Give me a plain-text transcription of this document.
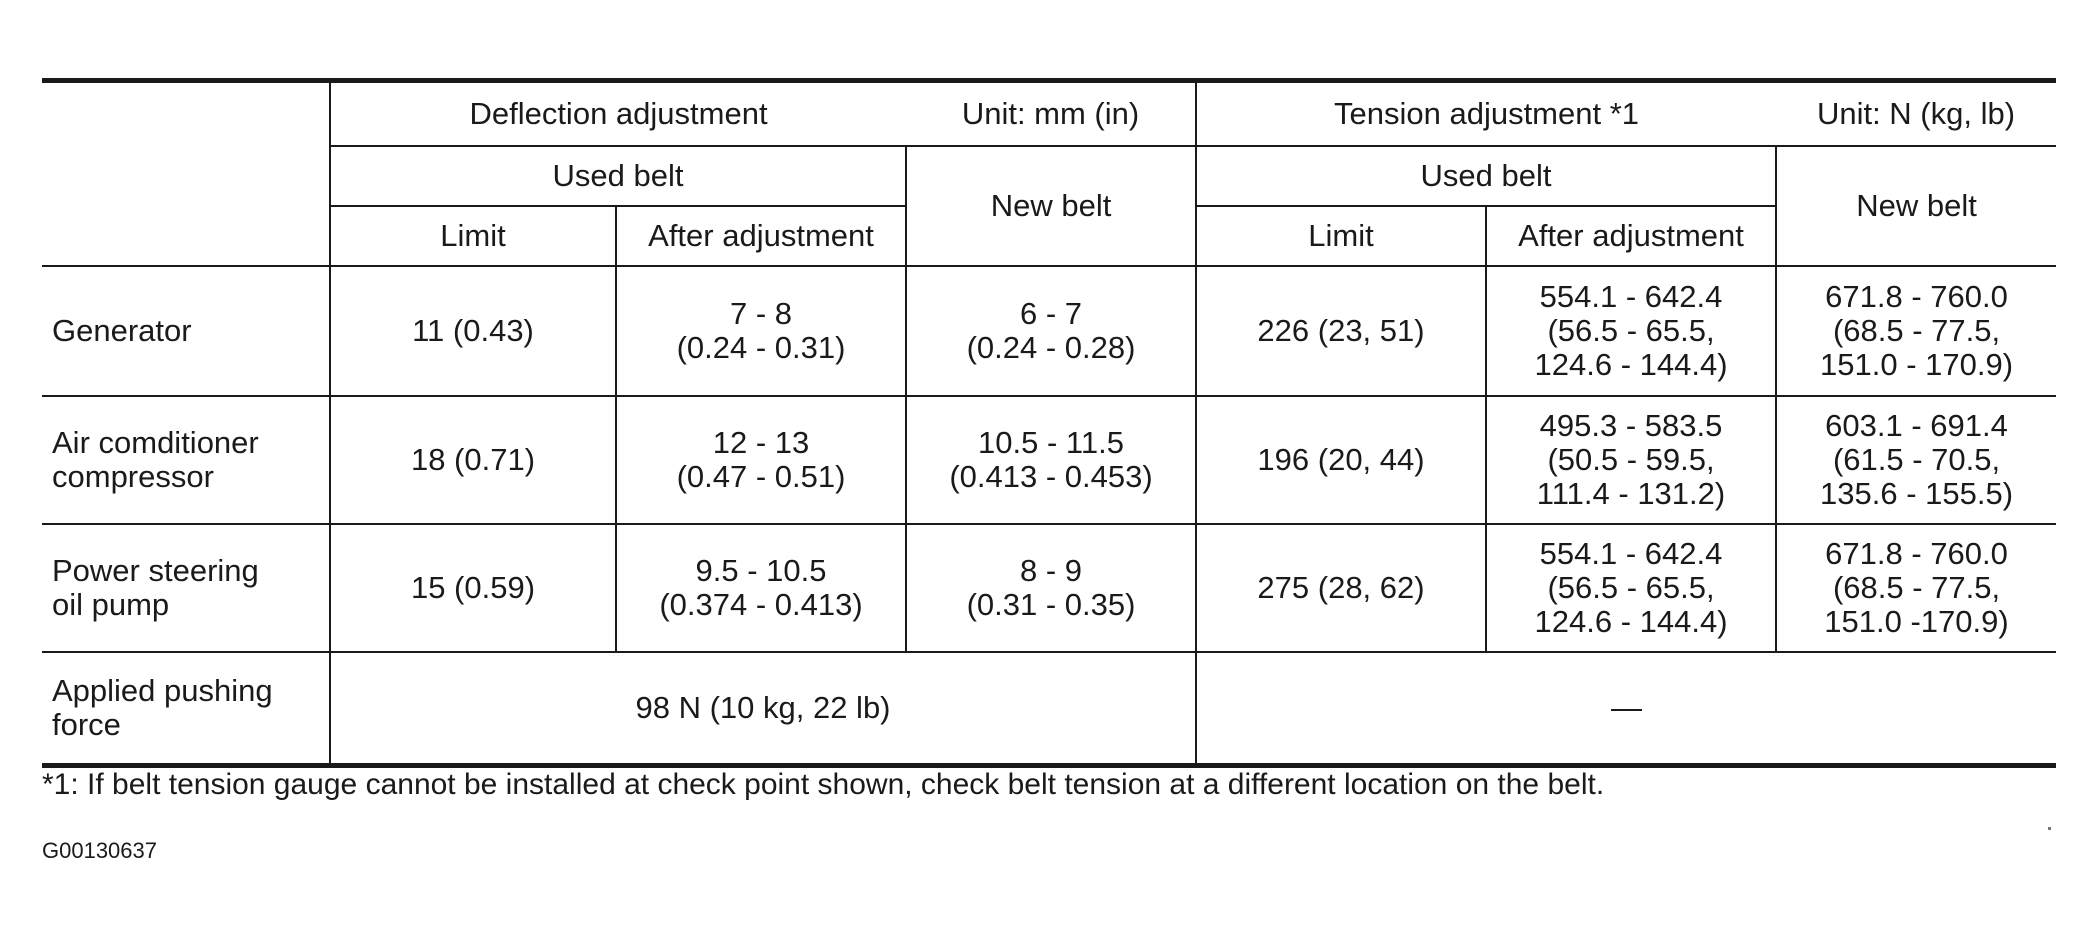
	Deflection adjustment		Unit: mm (in)	Tension adjustment *1		Unit: N (kg, lb)
	Used belt		New belt	Used belt		New belt
	Limit	After adjustment		Limit	After adjustment	

Generator	11 (0.43)	7 - 8
(0.24 - 0.31)	6 - 7
(0.24 - 0.28)	226 (23, 51)	554.1 - 642.4
(56.5 - 65.5,
124.6 - 144.4)	671.8 - 760.0
(68.5 - 77.5,
151.0 - 170.9)

Air comditioner
compressor	18 (0.71)	12 - 13
(0.47 - 0.51)	10.5 - 11.5
(0.413 - 0.453)	196 (20, 44)	495.3 - 583.5
(50.5 - 59.5,
111.4 - 131.2)	603.1 - 691.4
(61.5 - 70.5,
135.6 - 155.5)

Power steering
oil pump	15 (0.59)	9.5 - 10.5
(0.374 - 0.413)	8 - 9
(0.31 - 0.35)	275 (28, 62)	554.1 - 642.4
(56.5 - 65.5,
124.6 - 144.4)	671.8 - 760.0
(68.5 - 77.5,
151.0 -170.9)

Applied pushing
force	98 N (10 kg, 22 lb)			—		
*1: If belt tension gauge cannot be installed at check point shown, check belt tension at a different location on the belt.
G00130637
